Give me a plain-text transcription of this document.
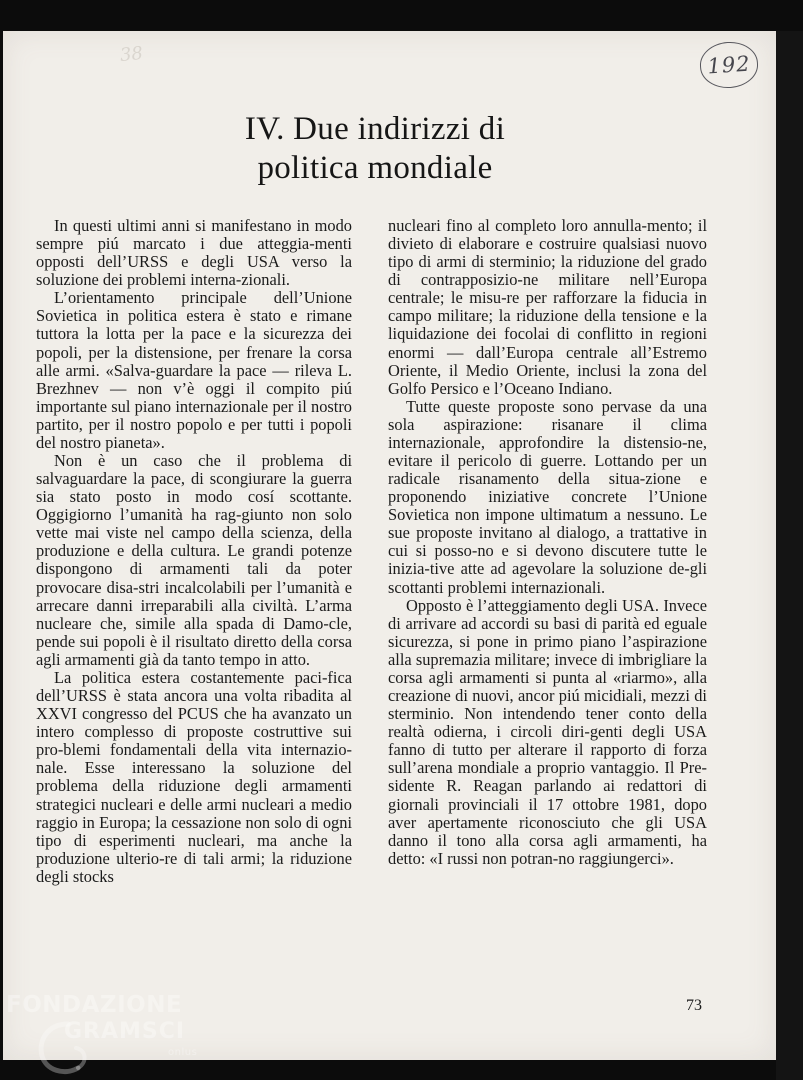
38	192
IV. Due indirizzi di
politica mondiale

In questi ultimi anni si manifestano in modo sempre piú marcato i due atteggia-menti opposti dell’URSS e degli USA verso la soluzione dei problemi interna-zionali.

L’orientamento principale dell’Unione Sovietica in politica estera è stato e rimane tuttora la lotta per la pace e la sicurezza dei popoli, per la distensione, per frenare la corsa alle armi. «Salva-guardare la pace — rileva L. Brezhnev — non v’è oggi il compito piú importante sul piano internazionale per il nostro partito, per il nostro popolo e per tutti i popoli del nostro pianeta».

Non è un caso che il problema di salvaguardare la pace, di scongiurare la guerra sia stato posto in modo cosí scottante. Oggigiorno l’umanità ha rag-giunto non solo vette mai viste nel campo della scienza, della produzione e della cultura. Le grandi potenze dispongono di armamenti tali da poter provocare disa-stri incalcolabili per l’umanità e arrecare danni irreparabili alla civiltà. L’arma nucleare che, simile alla spada di Damo-cle, pende sui popoli è il risultato diretto della corsa agli armamenti già da tanto tempo in atto.

La politica estera costantemente paci-fica dell’URSS è stata ancora una volta ribadita al XXVI congresso del PCUS che ha avanzato un intero complesso di proposte costruttive sui pro-blemi fondamentali della vita internazio-nale. Esse interessano la soluzione del problema della riduzione degli armamenti strategici nucleari e delle armi nucleari a medio raggio in Europa; la cessazione non solo di ogni tipo di esperimenti nucleari, ma anche la produzione ulterio-re di tali armi; la riduzione degli stocks

nucleari fino al completo loro annulla-mento; il divieto di elaborare e costruire qualsiasi nuovo tipo di armi di sterminio; la riduzione del grado di contrapposizio-ne militare nell’Europa centrale; le misu-re per rafforzare la fiducia in campo militare; la riduzione della tensione e la liquidazione dei focolai di conflitto in regioni enormi — dall’Europa centrale all’Estremo Oriente, il Medio Oriente, inclusi la zona del Golfo Persico e l’Oceano Indiano.

Tutte queste proposte sono pervase da una sola aspirazione: risanare il clima internazionale, approfondire la distensio-ne, evitare il pericolo di guerre. Lottando per un radicale risanamento della situa-zione e proponendo iniziative concrete l’Unione Sovietica non impone ultimatum a nessuno. Le sue proposte invitano al dialogo, a trattative in cui si posso-no e si devono discutere tutte le inizia-tive atte ad agevolare la soluzione de-gli scottanti problemi internazionali.

Opposto è l’atteggiamento degli USA. Invece di arrivare ad accordi su basi di parità ed eguale sicurezza, si pone in primo piano l’aspirazione alla supremazia militare; invece di imbrigliare la corsa agli armamenti si punta al «riarmo», alla creazione di nuovi, ancor piú micidiali, mezzi di sterminio. Non intendendo tener conto della realtà odierna, i circoli diri-genti degli USA fanno di tutto per alterare il rapporto di forza sull’arena mondiale a proprio vantaggio. Il Pre-sidente R. Reagan parlando ai redattori di giornali provinciali il 17 ottobre 1981, dopo aver apertamente riconosciuto che gli USA danno il tono alla corsa agli armamenti, ha detto: «I russi non potran-no raggiungerci».

73
FONDAZIONE
GRAMSCI
onlus
